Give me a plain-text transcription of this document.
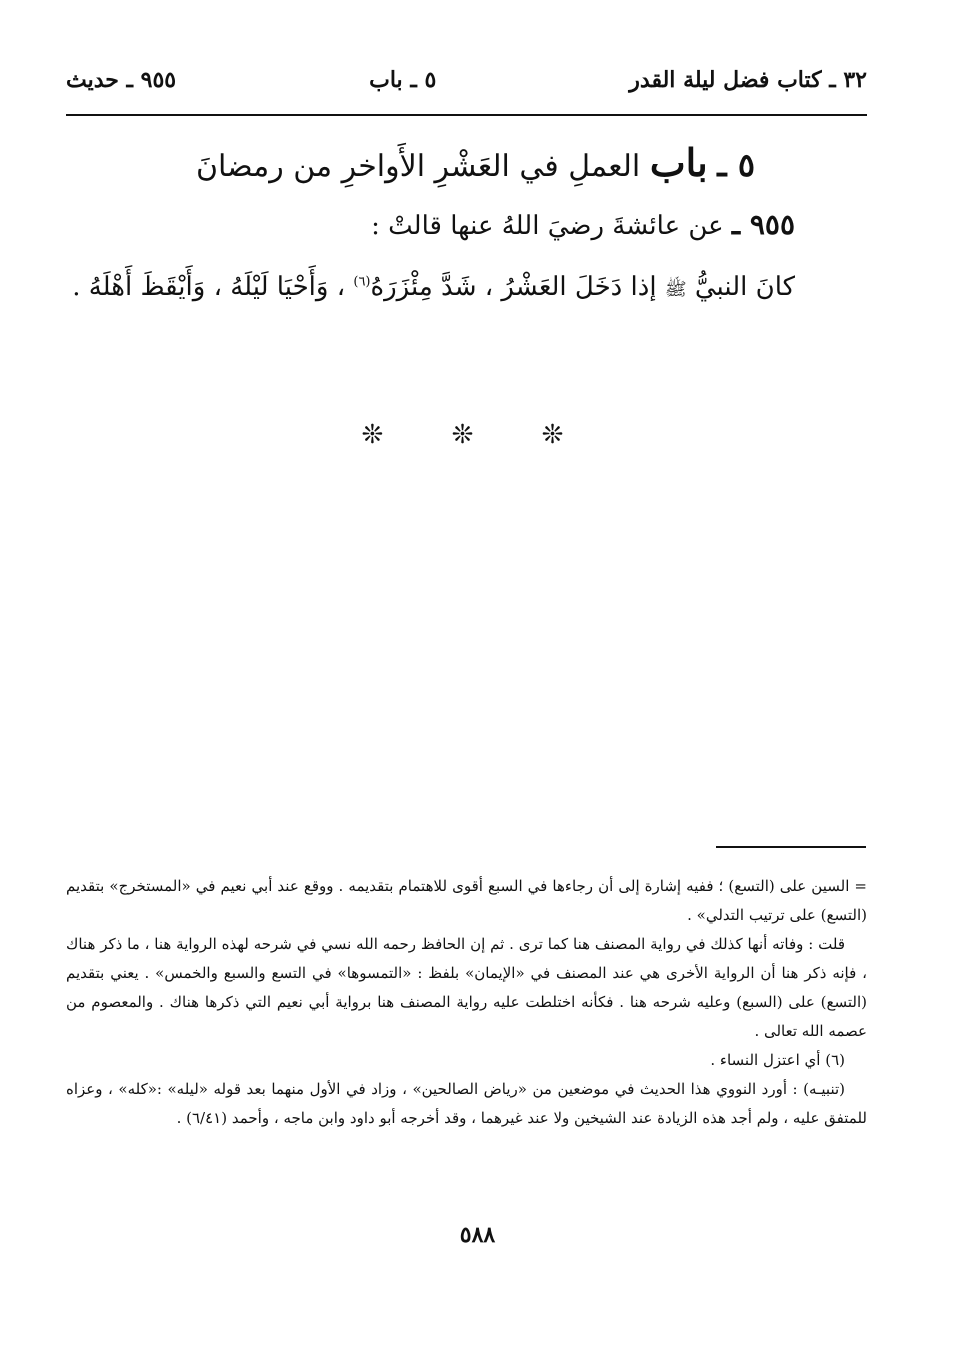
٣٢ ـ كتاب فضل ليلة القدر
٥ ـ باب
٩٥٥ ـ حديث
٥ ـ باب العملِ في العَشْرِ الأَواخرِ من رمضانَ
٩٥٥ ـ عن عائشةَ رضيَ اللهُ عنها قالتْ :
كانَ النبيُّ ﷺ إذا دَخَلَ العَشْرُ ، شَدَّ مِئْزَرَهُ$^{(٦)}$ ، وَأَحْيَا لَيْلَهُ ، وَأَيْقَظَ أَهْلَهُ .
❊ ❊ ❊

= السين على (التسع) ؛ ففيه إشارة إلى أن رجاءها في السبع أقوى للاهتمام بتقديمه . ووقع عند أبي نعيم في «المستخرج» بتقديم (التسع) على ترتيب التدلي» .

قلت : وفاته أنها كذلك في رواية المصنف هنا كما ترى . ثم إن الحافظ رحمه الله نسي في شرحه لهذه الرواية هنا ، ما ذكر هناك ، فإنه ذكر هنا أن الرواية الأخرى هي عند المصنف في «الإيمان» بلفظ : «التمسوها» في التسع والسبع والخمس» . يعني بتقديم (التسع) على (السبع) وعليه شرحه هنا . فكأنه اختلطت عليه رواية المصنف هنا برواية أبي نعيم التي ذكرها هناك . والمعصوم من عصمه الله تعالى .

(٦) أي اعتزل النساء .

(تنبيـه) : أورد النووي هذا الحديث في موضعين من «رياض الصالحين» ، وزاد في الأول منهما بعد قوله «ليله» :«كله» ، وعزاه للمتفق عليه ، ولم أجد هذه الزيادة عند الشيخين ولا عند غيرهما ، وقد أخرجه أبو داود وابن ماجه ، وأحمد (٦/٤١) .

٥٨٨
